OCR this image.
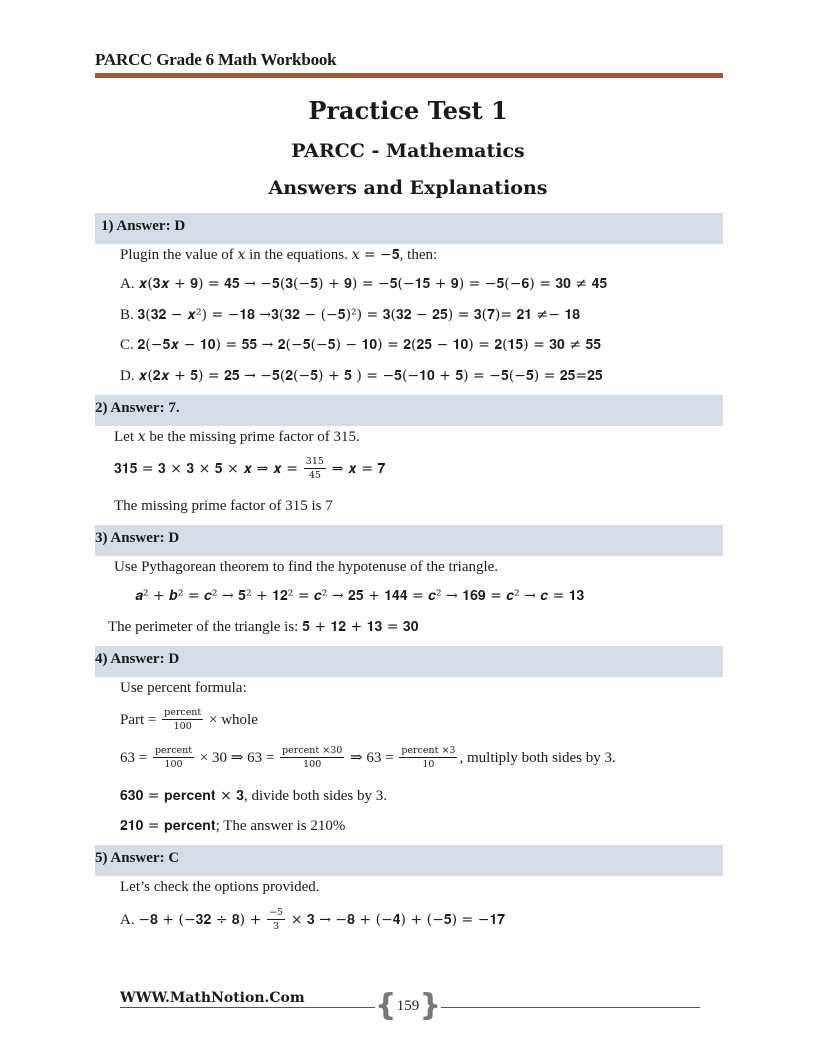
PARCC Grade 6 Math Workbook
Practice Test 1
PARCC - Mathematics
Answers and Explanations
1) Answer: D
Plugin the value of 𝑥 in the equations. 𝑥 = −𝟓, then:
A. 𝒙(𝟑𝒙 + 𝟗) = 𝟒𝟓 → −𝟓(𝟑(−𝟓) + 𝟗) = −𝟓(−𝟏𝟓 + 𝟗) = −𝟓(−𝟔) = 𝟑𝟎 ≠ 𝟒𝟓
B. 𝟑(𝟑𝟐 − 𝒙²) = −𝟏𝟖 →𝟑(𝟑𝟐 − (−𝟓)²) = 𝟑(𝟑𝟐 − 𝟐𝟓) = 𝟑(𝟕)= 𝟐𝟏 ≠− 𝟏𝟖
C. 𝟐(−𝟓𝒙 − 𝟏𝟎) = 𝟓𝟓 → 𝟐(−𝟓(−𝟓) − 𝟏𝟎) = 𝟐(𝟐𝟓 − 𝟏𝟎) = 𝟐(𝟏𝟓) = 𝟑𝟎 ≠ 𝟓𝟓
D. 𝒙(𝟐𝒙 + 𝟓) = 𝟐𝟓 → −𝟓(𝟐(−𝟓) + 𝟓 ) = −𝟓(−𝟏𝟎 + 𝟓) = −𝟓(−𝟓) = 𝟐𝟓=𝟐𝟓
2) Answer: 7.
Let 𝑥 be the missing prime factor of 315.
𝟑𝟏𝟓 = 𝟑 × 𝟑 × 𝟓 × 𝒙 ⇒ 𝒙 = $\frac{315}{45}$ ⇒ 𝒙 = 𝟕
The missing prime factor of 315 is 7
3) Answer: D
Use Pythagorean theorem to find the hypotenuse of the triangle.
𝒂² + 𝒃² = 𝒄² → 𝟓² + 𝟏𝟐² = 𝒄² → 𝟐𝟓 + 𝟏𝟒𝟒 = 𝒄² → 𝟏𝟔𝟗 = 𝒄² → 𝒄 = 𝟏𝟑
The perimeter of the triangle is: 𝟓 + 𝟏𝟐 + 𝟏𝟑 = 𝟑𝟎
4) Answer: D
Use percent formula:
Part = $\frac{\text{percent}}{100}$ × whole
$63 = \frac{\text{percent}}{100} \times 30$ ⇒ $63 = \frac{\text{percent ×30}}{100}$ ⇒ $63 = \frac{\text{percent ×3}}{10}$ , multiply both sides by 3.
𝟔𝟑𝟎 = 𝐩𝐞𝐫𝐜𝐞𝐧𝐭 × 𝟑, divide both sides by 3.
𝟐𝟏𝟎 = 𝐩𝐞𝐫𝐜𝐞𝐧𝐭; The answer is 210%
5) Answer: C
Let’s check the options provided.
A. −𝟖 + (−𝟑𝟐 ÷ 𝟖) + $\frac{-5}{3}$ × 𝟑 → −𝟖 + (−𝟒) + (−𝟓) = −𝟏𝟕
WWW.MathNotion.Com { 159 }
